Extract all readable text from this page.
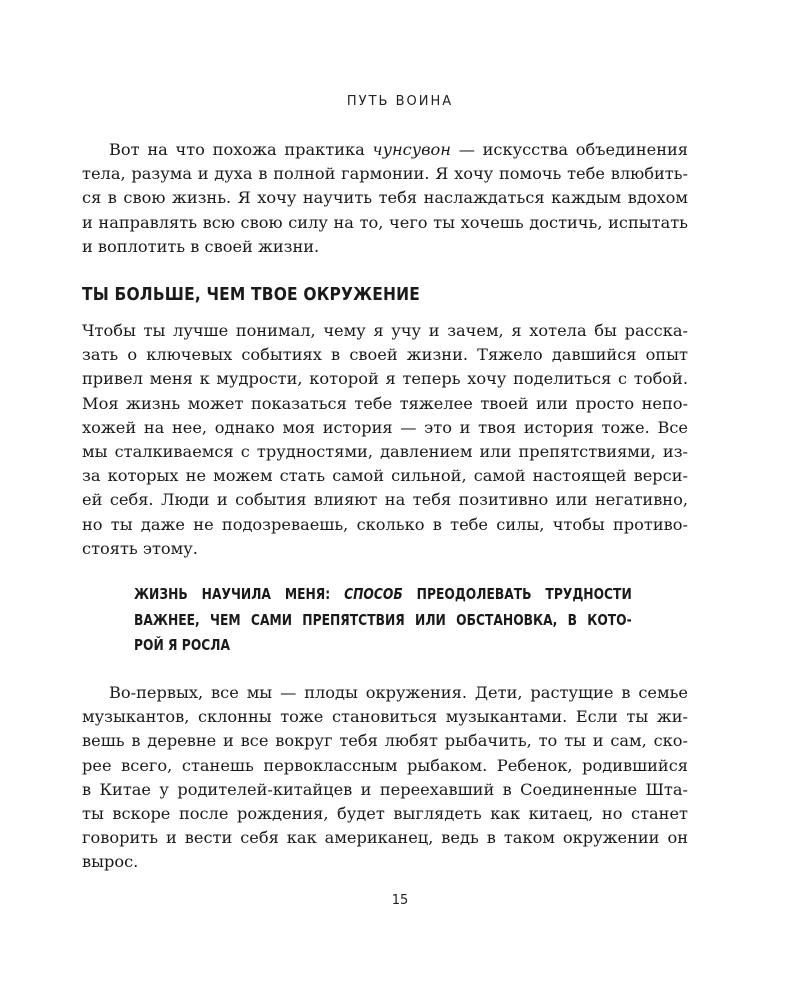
ПУТЬ ВОИНА
Вот на что похожа практика чунсувон — искусства объединения
тела, разума и духа в полной гармонии. Я хочу помочь тебе влюбить-
ся в свою жизнь. Я хочу научить тебя наслаждаться каждым вдохом
и направлять всю свою силу на то, чего ты хочешь достичь, испытать
и воплотить в своей жизни.
ТЫ БОЛЬШЕ, ЧЕМ ТВОЕ ОКРУЖЕНИЕ
Чтобы ты лучше понимал, чему я учу и зачем, я хотела бы расска-
зать о ключевых событиях в своей жизни. Тяжело давшийся опыт
привел меня к мудрости, которой я теперь хочу поделиться с тобой.
Моя жизнь может показаться тебе тяжелее твоей или просто непо-
хожей на нее, однако моя история — это и твоя история тоже. Все
мы сталкиваемся с трудностями, давлением или препятствиями, из-
за которых не можем стать самой сильной, самой настоящей верси-
ей себя. Люди и события влияют на тебя позитивно или негативно,
но ты даже не подозреваешь, сколько в тебе силы, чтобы противо-
стоять этому.
ЖИЗНЬ НАУЧИЛА МЕНЯ: СПОСОБ ПРЕОДОЛЕВАТЬ ТРУДНОСТИ
ВАЖНЕЕ, ЧЕМ САМИ ПРЕПЯТСТВИЯ ИЛИ ОБСТАНОВКА, В КОТО-
РОЙ Я РОСЛА
Во-первых, все мы — плоды окружения. Дети, растущие в семье
музыкантов, склонны тоже становиться музыкантами. Если ты жи-
вешь в деревне и все вокруг тебя любят рыбачить, то ты и сам, ско-
рее всего, станешь первоклассным рыбаком. Ребенок, родившийся
в Китае у родителей-китайцев и переехавший в Соединенные Шта-
ты вскоре после рождения, будет выглядеть как китаец, но станет
говорить и вести себя как американец, ведь в таком окружении он
вырос.
15
